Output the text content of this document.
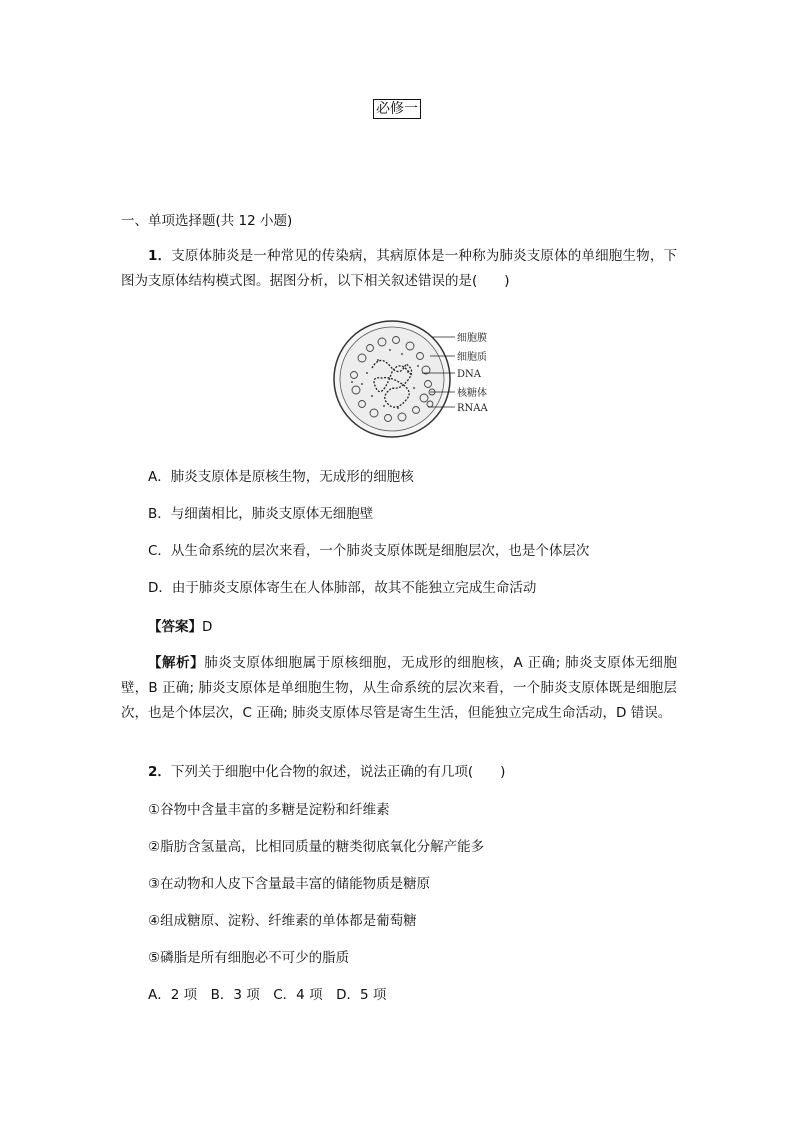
必修一
一、单项选择题(共 12 小题)
1．支原体肺炎是一种常见的传染病，其病原体是一种称为肺炎支原体的单细胞生物，下图为支原体结构模式图。据图分析，以下相关叙述错误的是(　　)
细胞膜
细胞质
DNA
核糖体
RNAA
A．肺炎支原体是原核生物，无成形的细胞核
B．与细菌相比，肺炎支原体无细胞壁
C．从生命系统的层次来看，一个肺炎支原体既是细胞层次，也是个体层次
D．由于肺炎支原体寄生在人体肺部，故其不能独立完成生命活动
【答案】D
【解析】肺炎支原体细胞属于原核细胞，无成形的细胞核，A 正确; 肺炎支原体无细胞壁，B 正确; 肺炎支原体是单细胞生物，从生命系统的层次来看，一个肺炎支原体既是细胞层次，也是个体层次，C 正确; 肺炎支原体尽管是寄生生活，但能独立完成生命活动，D 错误。
2．下列关于细胞中化合物的叙述，说法正确的有几项(　　)
①谷物中含量丰富的多糖是淀粉和纤维素
②脂肪含氢量高，比相同质量的糖类彻底氧化分解产能多
③在动物和人皮下含量最丰富的储能物质是糖原
④组成糖原、淀粉、纤维素的单体都是葡萄糖
⑤磷脂是所有细胞必不可少的脂质
A．2 项　B．3 项　C．4 项　D．5 项
